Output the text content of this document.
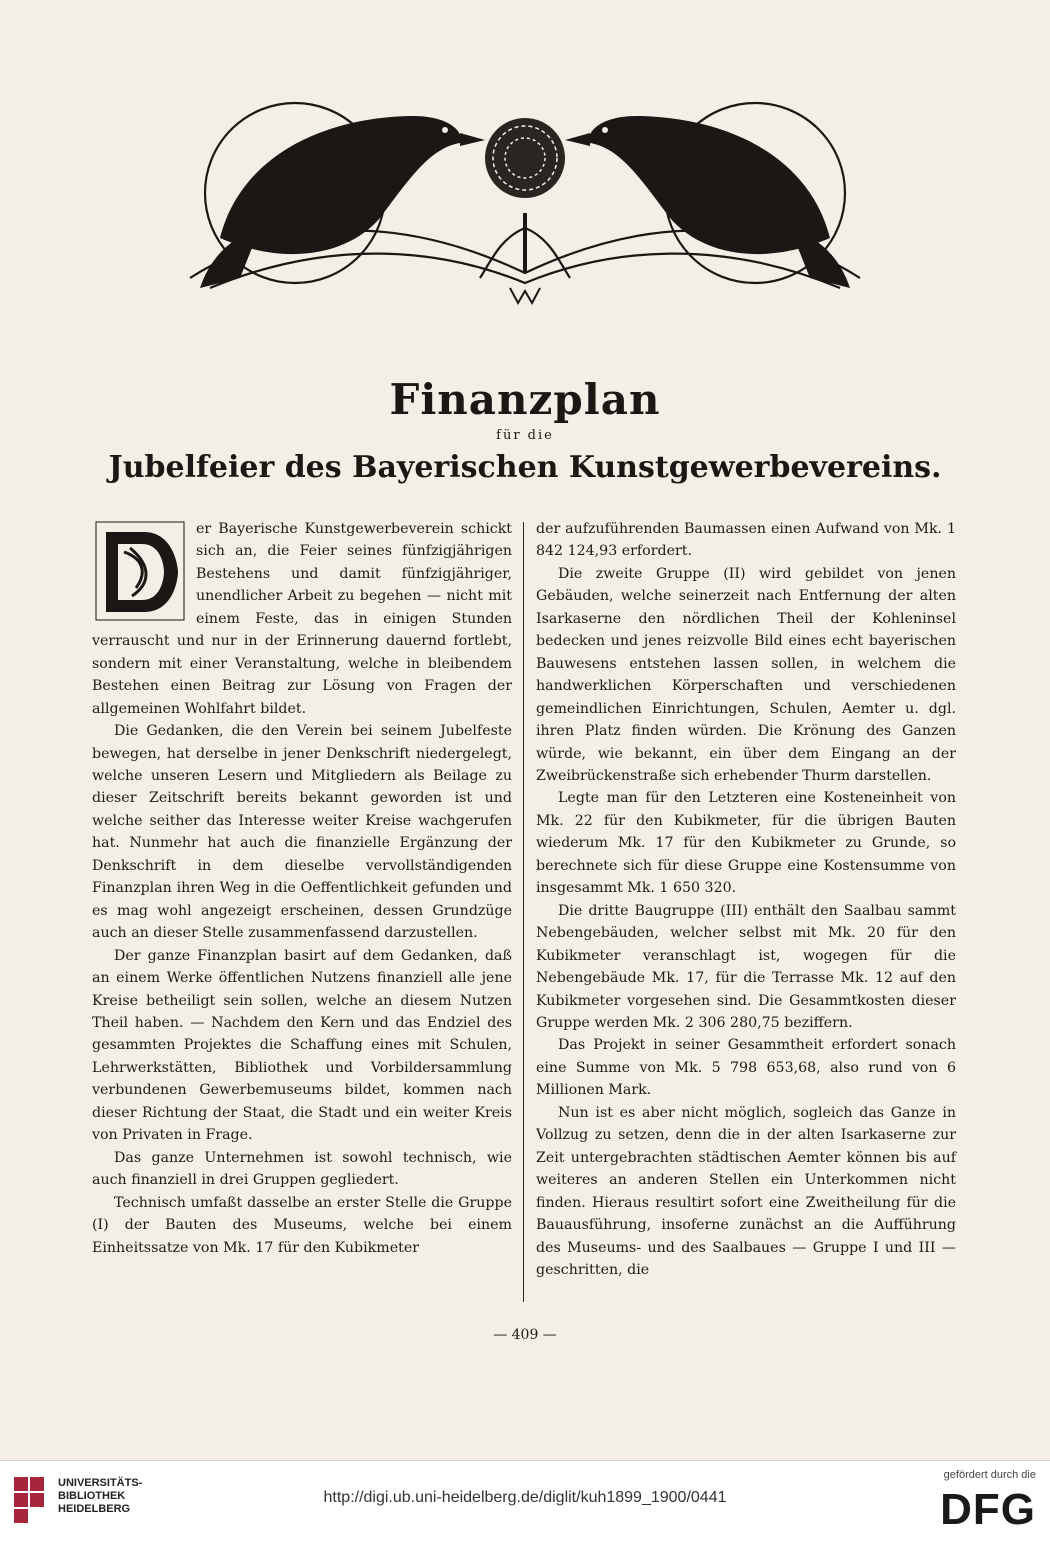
Finanzplan
für die
Jubelfeier des Bayerischen Kunstgewerbevereins.

er Bayerische Kunstgewerbeverein schickt sich an, die Feier seines fünfzigjährigen Bestehens und damit fünfzigjähriger, unendlicher Arbeit zu begehen — nicht mit einem Feste, das in einigen Stunden verrauscht und nur in der Erinnerung dauernd fortlebt, sondern mit einer Veranstaltung, welche in bleibendem Bestehen einen Beitrag zur Lösung von Fragen der allgemeinen Wohlfahrt bildet.

Die Gedanken, die den Verein bei seinem Jubelfeste bewegen, hat derselbe in jener Denkschrift niedergelegt, welche unseren Lesern und Mitgliedern als Beilage zu dieser Zeitschrift bereits bekannt geworden ist und welche seither das Interesse weiter Kreise wachgerufen hat. Nunmehr hat auch die finanzielle Ergänzung der Denkschrift in dem dieselbe vervollständigenden Finanzplan ihren Weg in die Oeffentlichkeit gefunden und es mag wohl angezeigt erscheinen, dessen Grundzüge auch an dieser Stelle zusammenfassend darzustellen.

Der ganze Finanzplan basirt auf dem Gedanken, daß an einem Werke öffentlichen Nutzens finanziell alle jene Kreise betheiligt sein sollen, welche an diesem Nutzen Theil haben. — Nachdem den Kern und das Endziel des gesammten Projektes die Schaffung eines mit Schulen, Lehrwerkstätten, Bibliothek und Vorbildersammlung verbundenen Gewerbemuseums bildet, kommen nach dieser Richtung der Staat, die Stadt und ein weiter Kreis von Privaten in Frage.

Das ganze Unternehmen ist sowohl technisch, wie auch finanziell in drei Gruppen gegliedert.

Technisch umfaßt dasselbe an erster Stelle die Gruppe (I) der Bauten des Museums, welche bei einem Einheitssatze von Mk. 17 für den Kubikmeter

der aufzuführenden Baumassen einen Aufwand von Mk. 1 842 124,93 erfordert.

Die zweite Gruppe (II) wird gebildet von jenen Gebäuden, welche seinerzeit nach Entfernung der alten Isarkaserne den nördlichen Theil der Kohleninsel bedecken und jenes reizvolle Bild eines echt bayerischen Bauwesens entstehen lassen sollen, in welchem die handwerklichen Körperschaften und verschiedenen gemeindlichen Einrichtungen, Schulen, Aemter u. dgl. ihren Platz finden würden. Die Krönung des Ganzen würde, wie bekannt, ein über dem Eingang an der Zweibrückenstraße sich erhebender Thurm darstellen.

Legte man für den Letzteren eine Kosteneinheit von Mk. 22 für den Kubikmeter, für die übrigen Bauten wiederum Mk. 17 für den Kubikmeter zu Grunde, so berechnete sich für diese Gruppe eine Kostensumme von insgesammt Mk. 1 650 320.

Die dritte Baugruppe (III) enthält den Saalbau sammt Nebengebäuden, welcher selbst mit Mk. 20 für den Kubikmeter veranschlagt ist, wogegen für die Nebengebäude Mk. 17, für die Terrasse Mk. 12 auf den Kubikmeter vorgesehen sind. Die Gesammtkosten dieser Gruppe werden Mk. 2 306 280,75 beziffern.

Das Projekt in seiner Gesammtheit erfordert sonach eine Summe von Mk. 5 798 653,68, also rund von 6 Millionen Mark.

Nun ist es aber nicht möglich, sogleich das Ganze in Vollzug zu setzen, denn die in der alten Isarkaserne zur Zeit untergebrachten städtischen Aemter können bis auf weiteres an anderen Stellen ein Unterkommen nicht finden. Hieraus resultirt sofort eine Zweitheilung für die Bauausführung, insoferne zunächst an die Aufführung des Museums- und des Saalbaues — Gruppe I und III — geschritten, die

— 409 —
UNIVERSITÄTS-
BIBLIOTHEK
HEIDELBERG
http://digi.ub.uni-heidelberg.de/diglit/kuh1899_1900/0441
gefördert durch die
DFG
